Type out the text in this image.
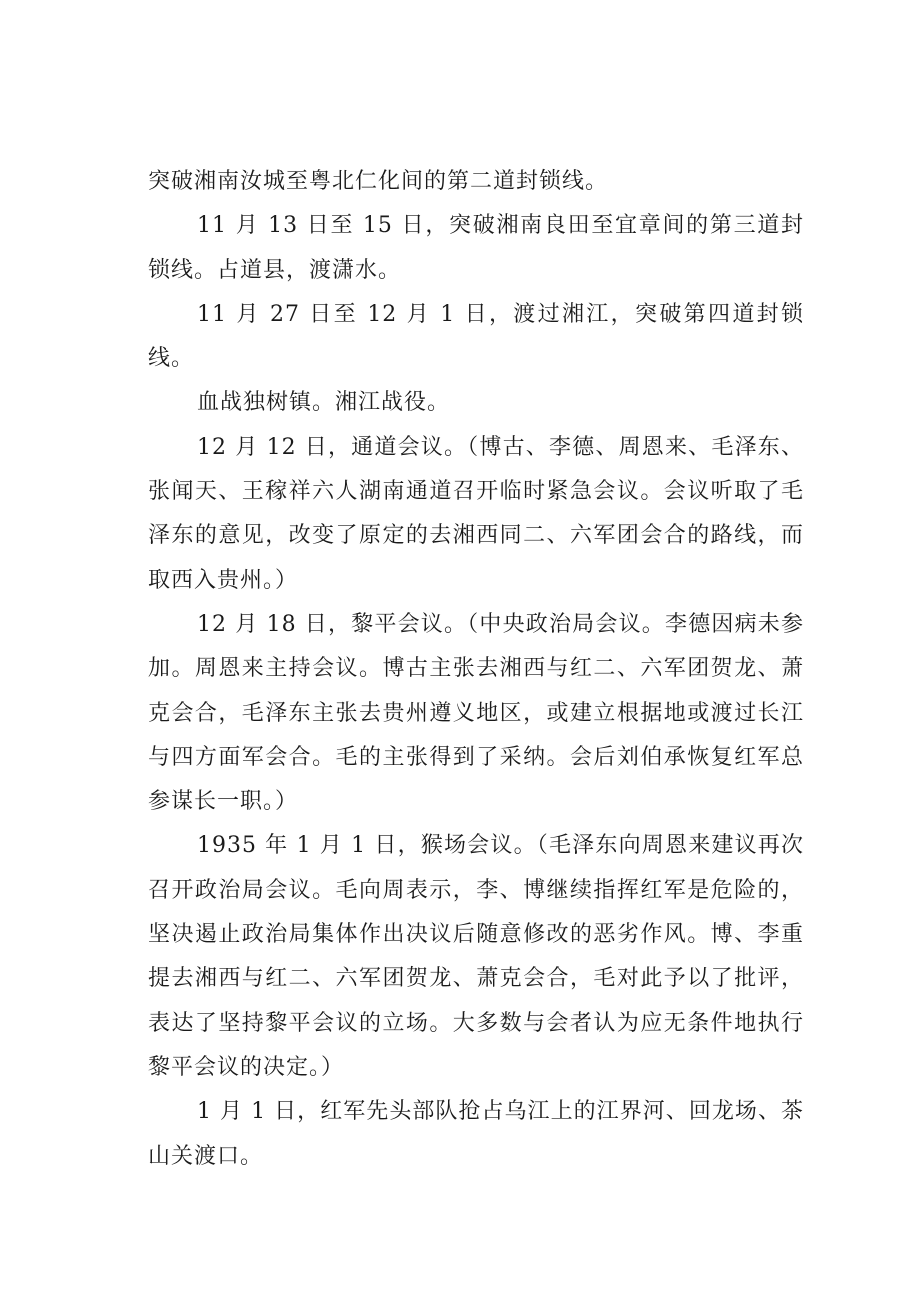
突破湘南汝城至粤北仁化间的第二道封锁线。

11 月 13 日至 15 日，突破湘南良田至宜章间的第三道封锁线。占道县，渡潇水。

11 月 27 日至 12 月 1 日，渡过湘江，突破第四道封锁线。

血战独树镇。湘江战役。

12 月 12 日，通道会议。（博古、李德、周恩来、毛泽东、张闻天、王稼祥六人湖南通道召开临时紧急会议。会议听取了毛泽东的意见，改变了原定的去湘西同二、六军团会合的路线，而取西入贵州。）

12 月 18 日，黎平会议。（中央政治局会议。李德因病未参加。周恩来主持会议。博古主张去湘西与红二、六军团贺龙、萧克会合，毛泽东主张去贵州遵义地区，或建立根据地或渡过长江与四方面军会合。毛的主张得到了采纳。会后刘伯承恢复红军总参谋长一职。）

1935 年 1 月 1 日，猴场会议。（毛泽东向周恩来建议再次召开政治局会议。毛向周表示，李、博继续指挥红军是危险的，坚决遏止政治局集体作出决议后随意修改的恶劣作风。博、李重提去湘西与红二、六军团贺龙、萧克会合，毛对此予以了批评，表达了坚持黎平会议的立场。大多数与会者认为应无条件地执行黎平会议的决定。）

1 月 1 日，红军先头部队抢占乌江上的江界河、回龙场、茶山关渡口。
